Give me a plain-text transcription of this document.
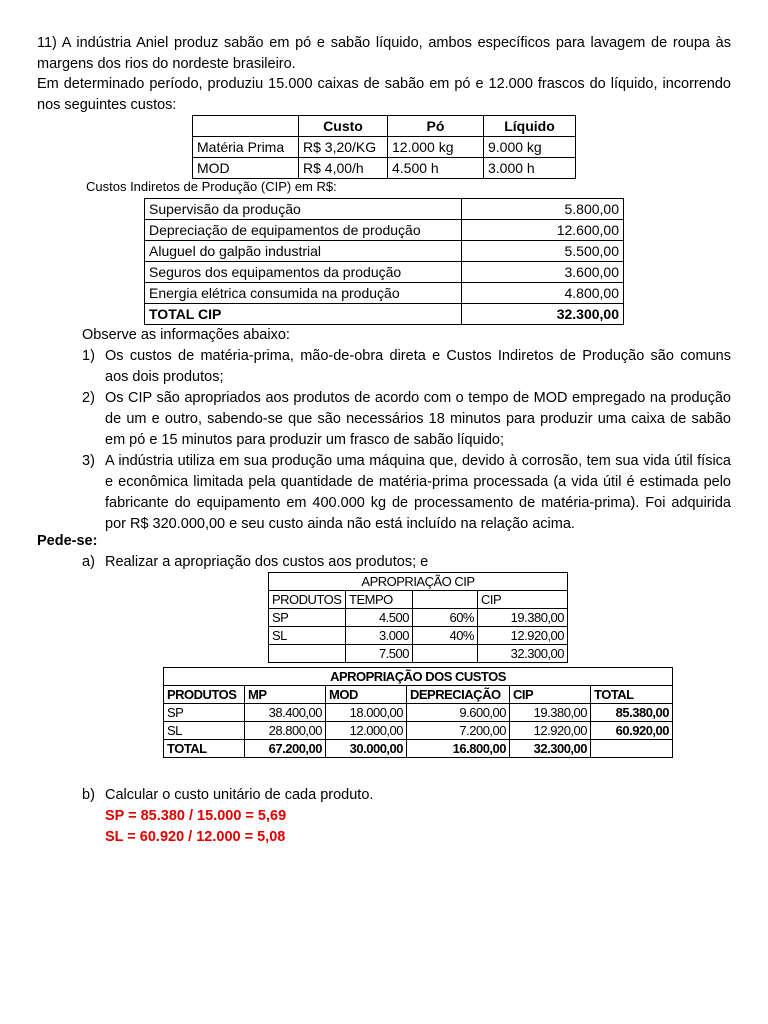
11) A indústria Aniel produz sabão em pó e sabão líquido, ambos específicos para lavagem de roupa às margens dos rios do nordeste brasileiro.
Em determinado período, produziu 15.000 caixas de sabão em pó e 12.000 frascos do líquido, incorrendo nos seguintes custos:
	Custo	Pó	Líquido
Matéria Prima	R$ 3,20/KG	12.000 kg	9.000 kg
MOD	R$ 4,00/h	4.500 h	3.000 h
Custos Indiretos de Produção (CIP) em R$:
Supervisão da produção	5.800,00
Depreciação de equipamentos de produção	12.600,00
Aluguel do galpão industrial	5.500,00
Seguros dos equipamentos da produção	3.600,00
Energia elétrica consumida na produção	4.800,00
TOTAL CIP	32.300,00
Observe as informações abaixo:
1) Os custos de matéria-prima, mão-de-obra direta e Custos Indiretos de Produção são comuns aos dois produtos;
2) Os CIP são apropriados aos produtos de acordo com o tempo de MOD empregado na produção de um e outro, sabendo-se que são necessários 18 minutos para produzir uma caixa de sabão em pó e 15 minutos para produzir um frasco de sabão líquido;
3) A indústria utiliza em sua produção uma máquina que, devido à corrosão, tem sua vida útil física e econômica limitada pela quantidade de matéria-prima processada (a vida útil é estimada pelo fabricante do equipamento em 400.000 kg de processamento de matéria-prima). Foi adquirida por R$ 320.000,00 e seu custo ainda não está incluído na relação acima.
Pede-se:
a) Realizar a apropriação dos custos aos produtos; e
APROPRIAÇÃO CIP			
PRODUTOS	TEMPO		CIP
SP	4.500	60%	19.380,00
SL	3.000	40%	12.920,00
	7.500		32.300,00
APROPRIAÇÃO DOS CUSTOS					
PRODUTOS	MP	MOD	DEPRECIAÇÃO	CIP	TOTAL
SP	38.400,00	18.000,00	9.600,00	19.380,00	85.380,00
SL	28.800,00	12.000,00	7.200,00	12.920,00	60.920,00
TOTAL	67.200,00	30.000,00	16.800,00	32.300,00	
b) Calcular o custo unitário de cada produto.
SP = 85.380 / 15.000 = 5,69
SL = 60.920 / 12.000 = 5,08
